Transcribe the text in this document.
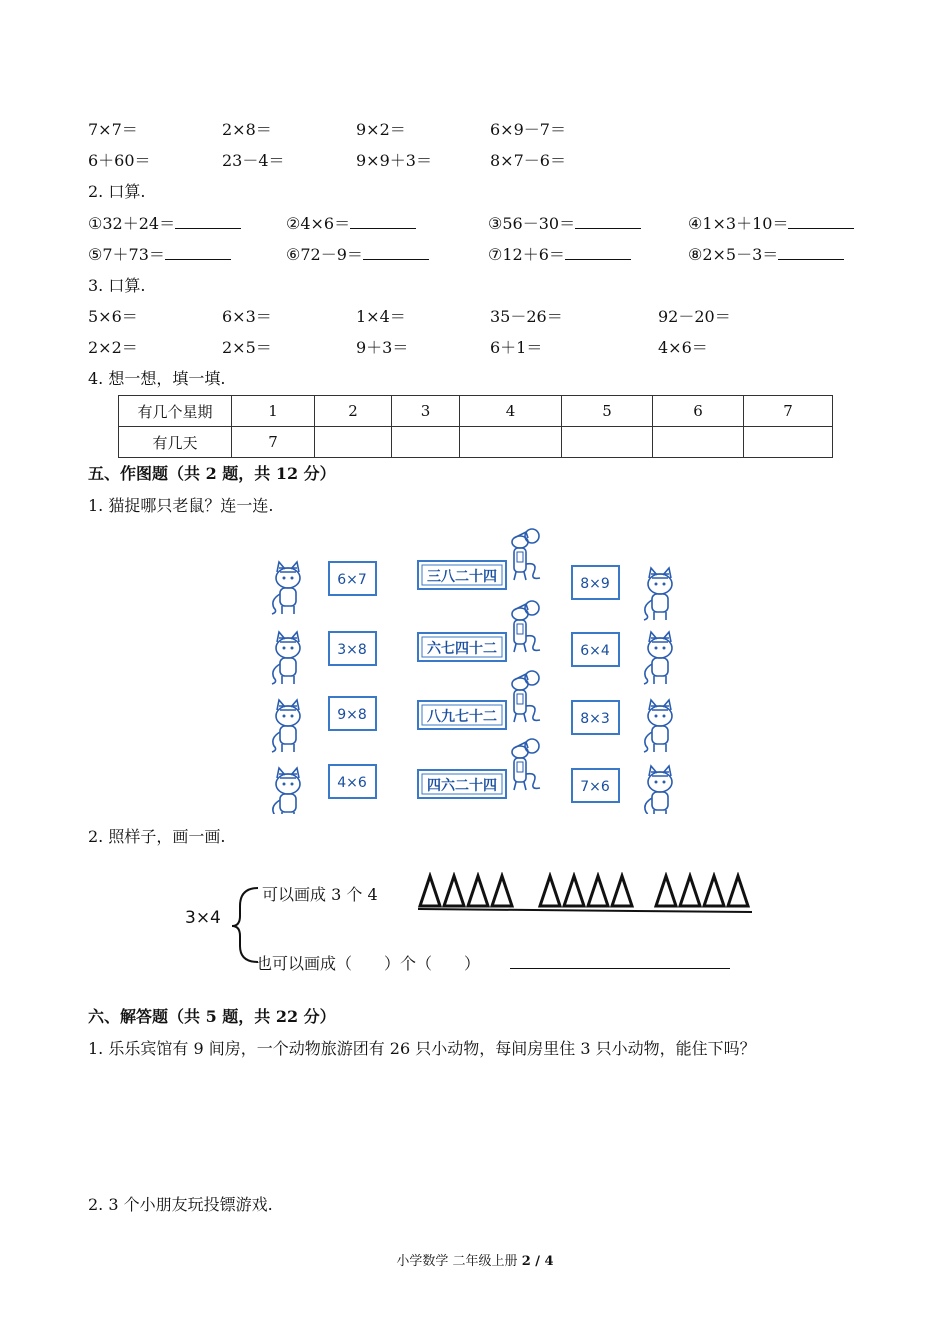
7×7＝	2×8＝	9×2＝	6×9－7＝
6＋60＝	23－4＝	9×9＋3＝	8×7－6＝
2. 口算.
①32＋24＝	②4×6＝	③56－30＝	④1×3＋10＝
⑤7＋73＝	⑥72－9＝	⑦12＋6＝	⑧2×5－3＝
3. 口算.
5×6＝	6×3＝	1×4＝	35－26＝	92－20＝
2×2＝	2×5＝	9＋3＝	6＋1＝	4×6＝
4. 想一想，填一填.
有几个星期	1	2	3	4	5	6	7
有几天	7						
五、作图题（共 2 题，共 12 分）
1. 猫捉哪只老鼠？连一连.
6×7
3×8
9×8
4×6
三八二十四
六七四十二
八九七十二
四六二十四
8×9
6×4
8×3
7×6
2. 照样子，画一画.
3×4
可以画成 3 个 4
也可以画成（　　）个（　　）
六、解答题（共 5 题，共 22 分）
1. 乐乐宾馆有 9 间房，一个动物旅游团有 26 只小动物，每间房里住 3 只小动物，能住下吗？
2. 3 个小朋友玩投镖游戏.
小学数学 二年级上册 2 / 4
